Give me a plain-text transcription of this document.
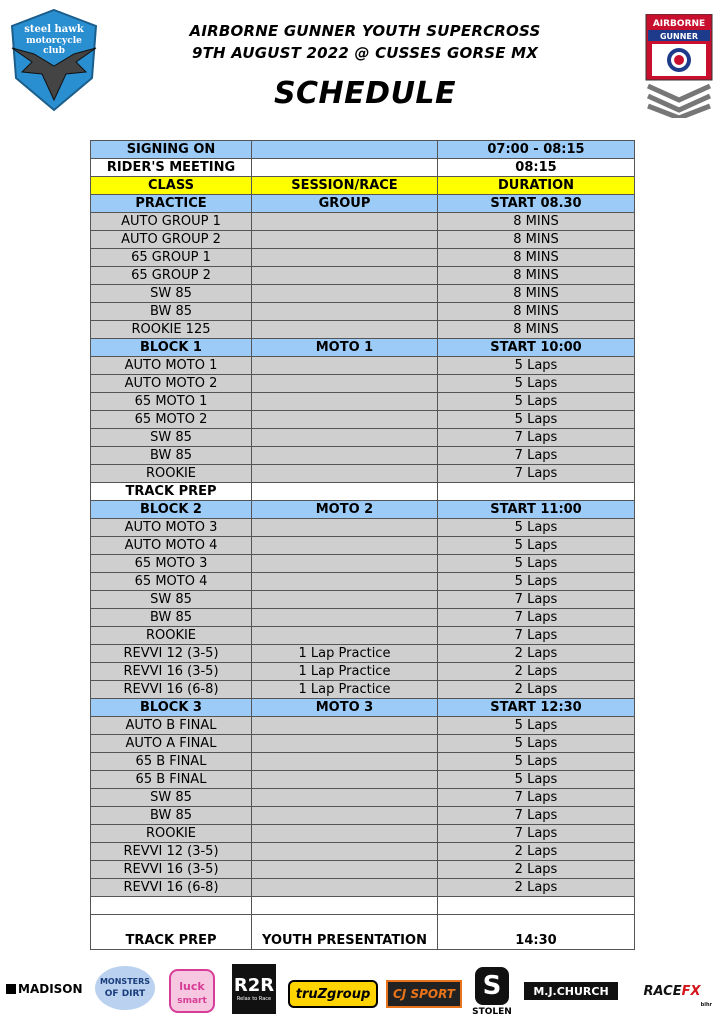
steel hawk
motorcycle
club
AIRBORNE
GUNNER
AIRBORNE GUNNER YOUTH SUPERCROSS
9TH AUGUST 2022 @ CUSSES GORSE MX
SCHEDULE
SIGNING ON		07:00 - 08:15
RIDER'S MEETING		08:15
CLASS	SESSION/RACE	DURATION
PRACTICE	GROUP	START 08.30
AUTO GROUP 1		8 MINS
AUTO GROUP 2		8 MINS
65 GROUP 1		8 MINS
65 GROUP 2		8 MINS
SW 85		8 MINS
BW 85		8 MINS
ROOKIE 125		8 MINS
BLOCK 1	MOTO 1	START 10:00
AUTO MOTO 1		5 Laps
AUTO MOTO 2		5 Laps
65 MOTO 1		5 Laps
65 MOTO 2		5 Laps
SW 85		7 Laps
BW 85		7 Laps
ROOKIE		7 Laps
TRACK PREP		
BLOCK 2	MOTO 2	START 11:00
AUTO MOTO 3		5 Laps
AUTO MOTO 4		5 Laps
65 MOTO 3		5 Laps
65 MOTO 4		5 Laps
SW 85		7 Laps
BW 85		7 Laps
ROOKIE		7 Laps
REVVI 12 (3-5)	1 Lap Practice	2 Laps
REVVI 16 (3-5)	1 Lap Practice	2 Laps
REVVI 16 (6-8)	1 Lap Practice	2 Laps
BLOCK 3	MOTO 3	START 12:30
AUTO B FINAL		5 Laps
AUTO A FINAL		5 Laps
65 B FINAL		5 Laps
65 B FINAL		5 Laps
SW 85		7 Laps
BW 85		7 Laps
ROOKIE		7 Laps
REVVI 12 (3-5)		2 Laps
REVVI 16 (3-5)		2 Laps
REVVI 16 (6-8)		2 Laps

TRACK PREP	YOUTH PRESENTATION	14:30
MADISON
MONSTERS
OF DIRT
luck
smart
R2R
Relax to Race	truZgroup	CJ SPORT S
STOLEN
M.J.CHURCH	RACE FX
bihr
